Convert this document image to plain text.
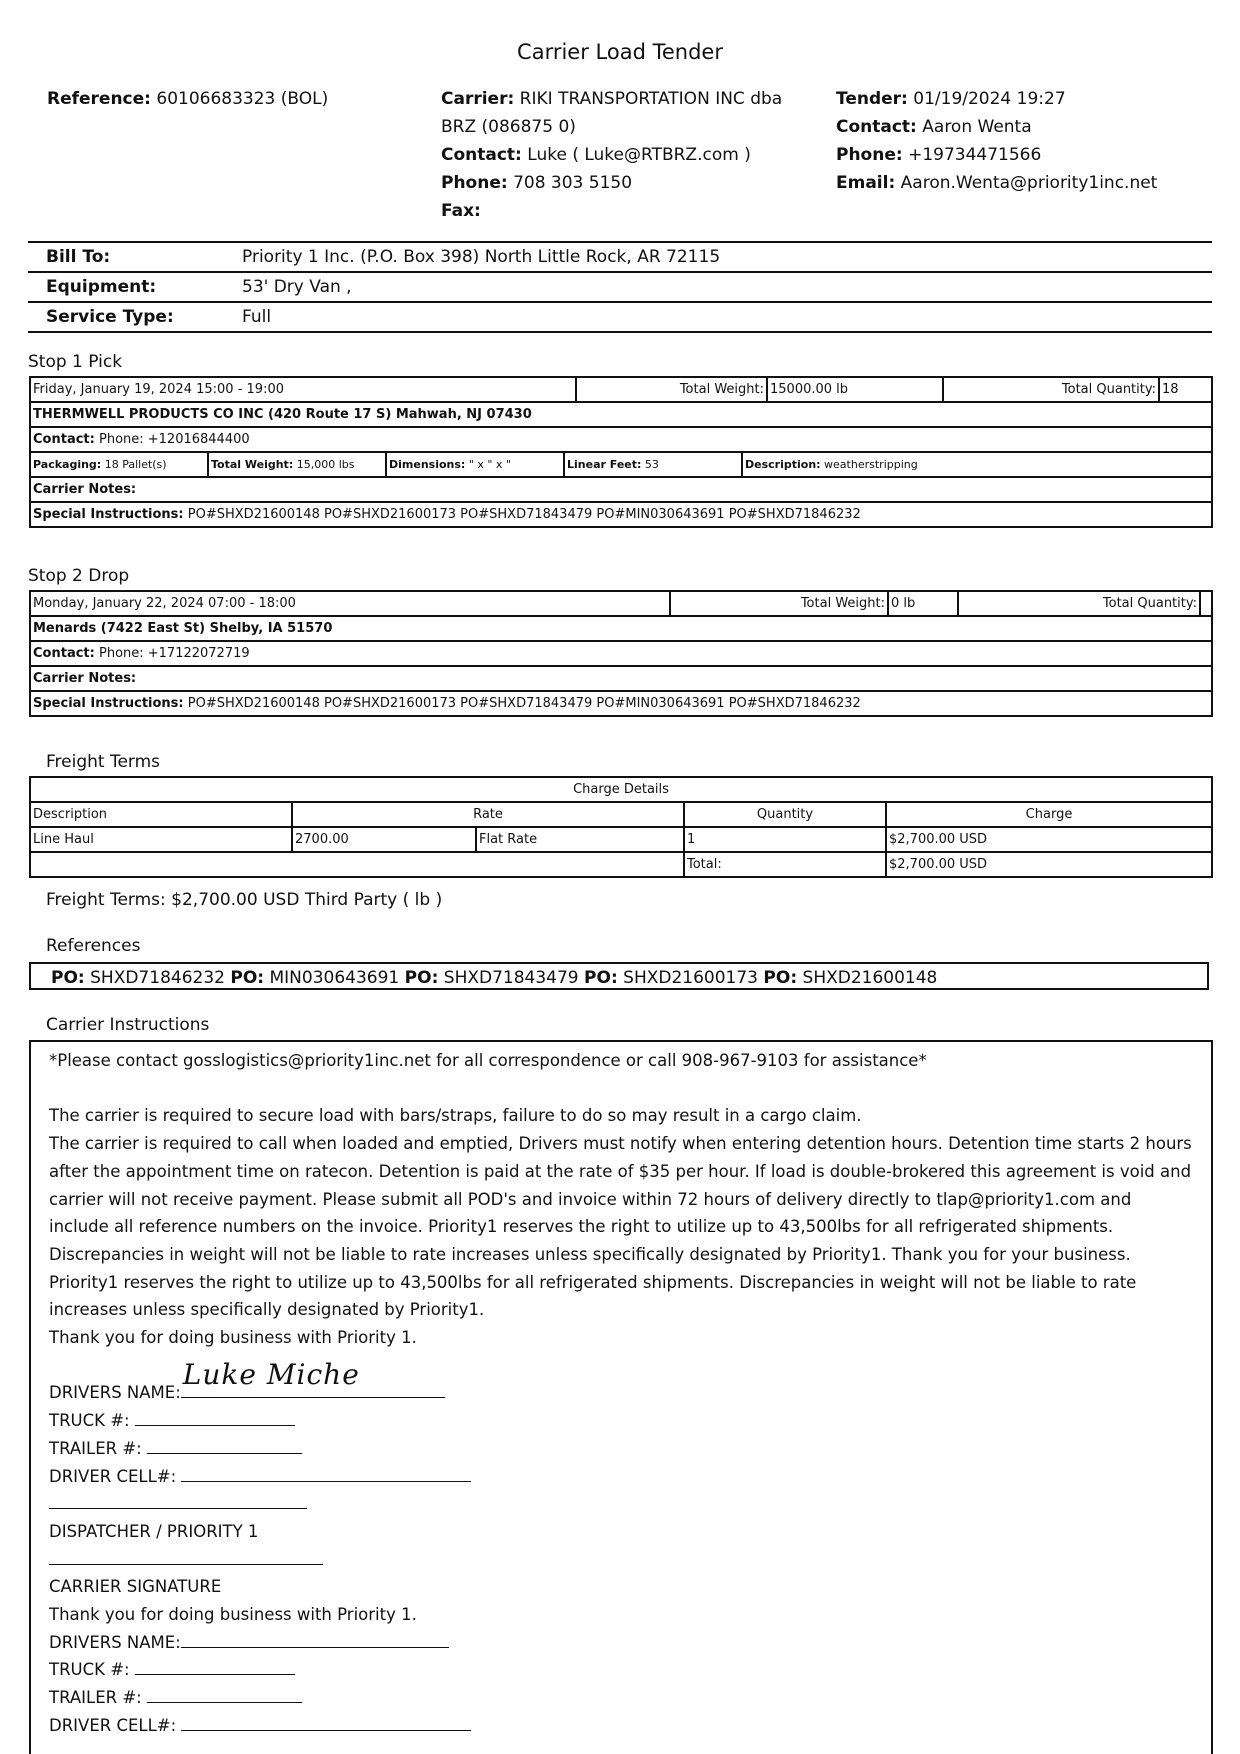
Carrier Load Tender
Reference: 60106683323 (BOL)	Carrier: RIKI TRANSPORTATION INC dba
BRZ (086875 0)
Contact: Luke ( Luke@RTBRZ.com )
Phone: 708 303 5150
Fax:
Tender: 01/19/2024 19:27
Contact: Aaron Wenta
Phone: +19734471566
Email: Aaron.Wenta@priority1inc.net
Bill To:	Priority 1 Inc. (P.O. Box 398) North Little Rock, AR 72115
Equipment:	53' Dry Van ,
Service Type:	Full
Stop 1 Pick
Friday, January 19, 2024 15:00 - 19:00	Total Weight:	15000.00 lb	Total Quantity:	18
THERMWELL PRODUCTS CO INC (420 Route 17 S) Mahwah, NJ 07430
Contact: Phone: +12016844400

Packaging: 18 Pallet(s)	Total Weight: 15,000 lbs	Dimensions: " x " x "	Linear Feet: 53	Description: weatherstripping

Carrier Notes:
Special Instructions: PO#SHXD21600148 PO#SHXD21600173 PO#SHXD71843479 PO#MIN030643691 PO#SHXD71846232
Stop 2 Drop
Monday, January 22, 2024 07:00 - 18:00	Total Weight:	0 lb	Total Quantity:	
Menards (7422 East St) Shelby, IA 51570
Contact: Phone: +17122072719
Carrier Notes:
Special Instructions: PO#SHXD21600148 PO#SHXD21600173 PO#SHXD71843479 PO#MIN030643691 PO#SHXD71846232
Freight Terms
Charge Details				
Description	Rate		Quantity	Charge
Line Haul	2700.00	Flat Rate	1	$2,700.00 USD
			Total:	$2,700.00 USD
Freight Terms: $2,700.00 USD Third Party ( lb )
References
PO: SHXD71846232 PO: MIN030643691 PO: SHXD71843479 PO: SHXD21600173 PO: SHXD21600148
Carrier Instructions

*Please contact gosslogistics@priority1inc.net for all correspondence or call 908-967-9103 for assistance*

The carrier is required to secure load with bars/straps, failure to do so may result in a cargo claim.

The carrier is required to call when loaded and emptied, Drivers must notify when entering detention hours. Detention time starts 2 hours after the appointment time on ratecon. Detention is paid at the rate of $35 per hour. If load is double-brokered this agreement is void and carrier will not receive payment. Please submit all POD's and invoice within 72 hours of delivery directly to tlap@priority1.com and include all reference numbers on the invoice. Priority1 reserves the right to utilize up to 43,500lbs for all refrigerated shipments. Discrepancies in weight will not be liable to rate increases unless specifically designated by Priority1. Thank you for your business. Priority1 reserves the right to utilize up to 43,500lbs for all refrigerated shipments. Discrepancies in weight will not be liable to rate increases unless specifically designated by Priority1.

Thank you for doing business with Priority 1.

DRIVERS NAME:
Luke Miche

TRUCK #:

TRAILER #:

DRIVER CELL#:

DISPATCHER / PRIORITY 1

CARRIER SIGNATURE

Thank you for doing business with Priority 1.

DRIVERS NAME:

TRUCK #:

TRAILER #:

DRIVER CELL#:
